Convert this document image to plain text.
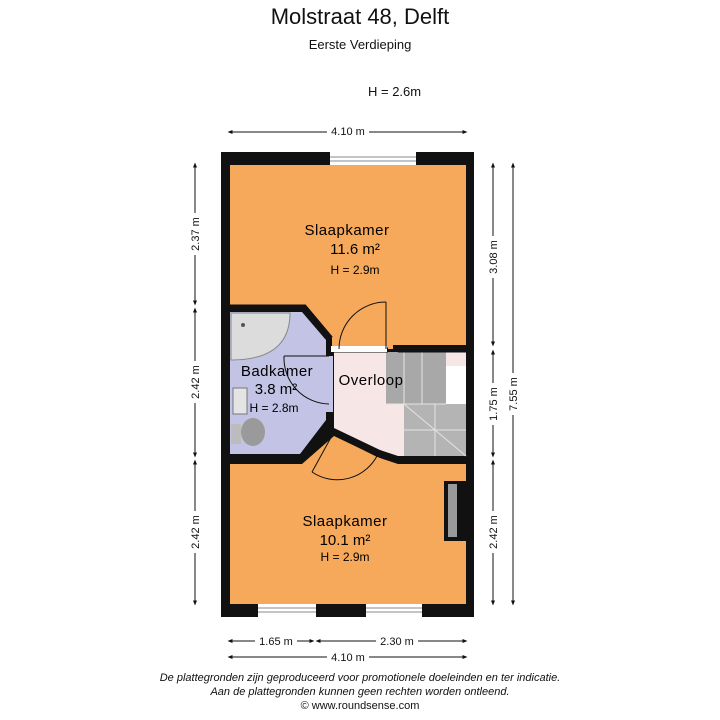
Molstraat 48, Delft
Eerste Verdieping
H = 2.6m
Slaapkamer
11.6 m²
H = 2.9m
Badkamer
3.8 m²
H = 2.8m
Overloop
Slaapkamer
10.1 m²
H = 2.9m
4.10 m
1.65 m	2.30 m
4.10 m
2.37 m
2.42 m
2.42 m
3.08 m
1.75 m
2.42 m
7.55 m
De plattegronden zijn geproduceerd voor promotionele doeleinden en ter indicatie.
Aan de plattegronden kunnen geen rechten worden ontleend.
© www.roundsense.com
